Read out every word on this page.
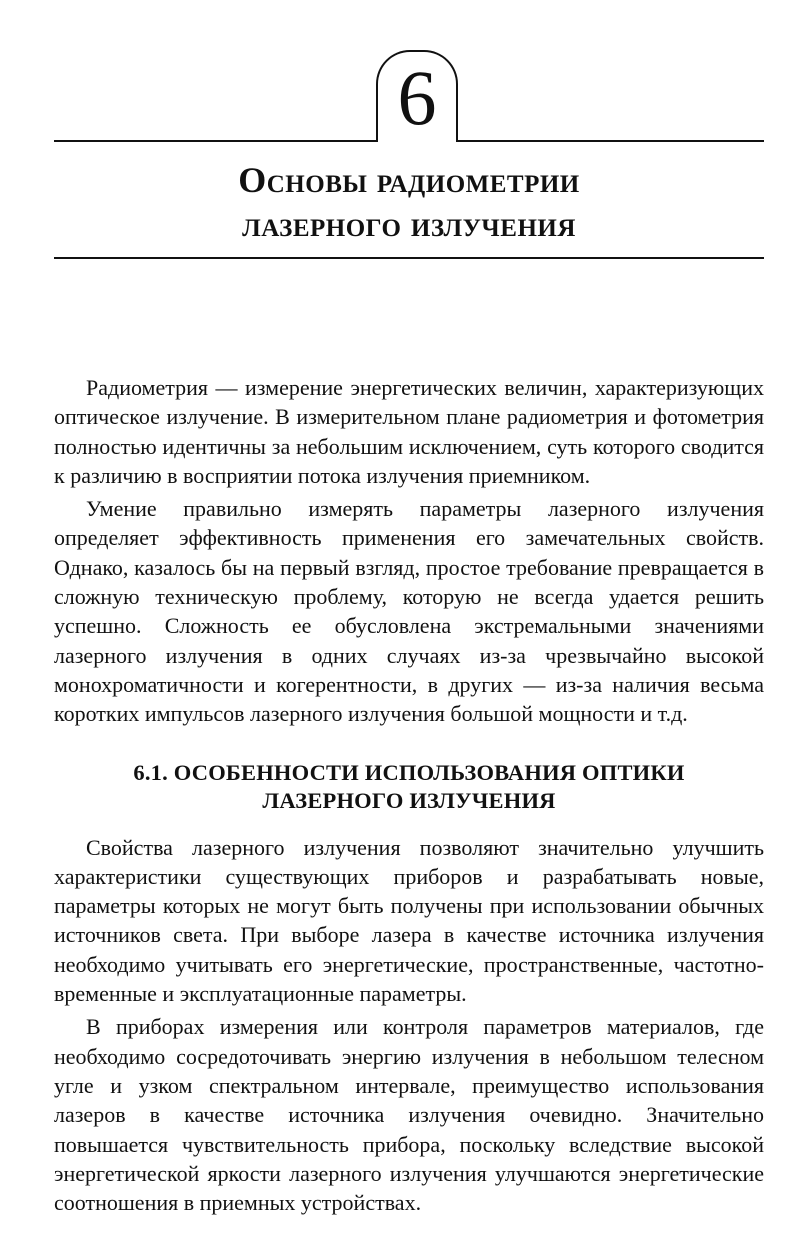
6
Основы радиометрии
лазерного излучения

Радиометрия — измерение энергетических величин, характеризующих оптическое излучение. В измерительном плане радиометрия и фотометрия полностью идентичны за небольшим исключением, суть которого сводится к различию в восприятии потока излучения приемником.

Умение правильно измерять параметры лазерного излучения определяет эффективность применения его замечательных свойств. Однако, казалось бы на первый взгляд, простое требование превращается в сложную техническую проблему, которую не всегда удается решить успешно. Сложность ее обусловлена экстремальными значениями лазерного излучения в одних случаях из-за чрезвычайно высокой монохроматичности и когерентности, в других — из-за наличия весьма коротких импульсов лазерного излучения большой мощности и т.д.

6.1. ОСОБЕННОСТИ ИСПОЛЬЗОВАНИЯ ОПТИКИ
ЛАЗЕРНОГО ИЗЛУЧЕНИЯ

Свойства лазерного излучения позволяют значительно улучшить характеристики существующих приборов и разрабатывать новые, параметры которых не могут быть получены при использовании обычных источников света. При выборе лазера в качестве источника излучения необходимо учитывать его энергетические, пространственные, частотно-временные и эксплуатационные параметры.

В приборах измерения или контроля параметров материалов, где необходимо сосредоточивать энергию излучения в небольшом телесном угле и узком спектральном интервале, преимущество использования лазеров в качестве источника излучения очевидно. Значительно повышается чувствительность прибора, поскольку вследствие высокой энергетической яркости лазерного излучения улучшаются энергетические соотношения в приемных устройствах.
